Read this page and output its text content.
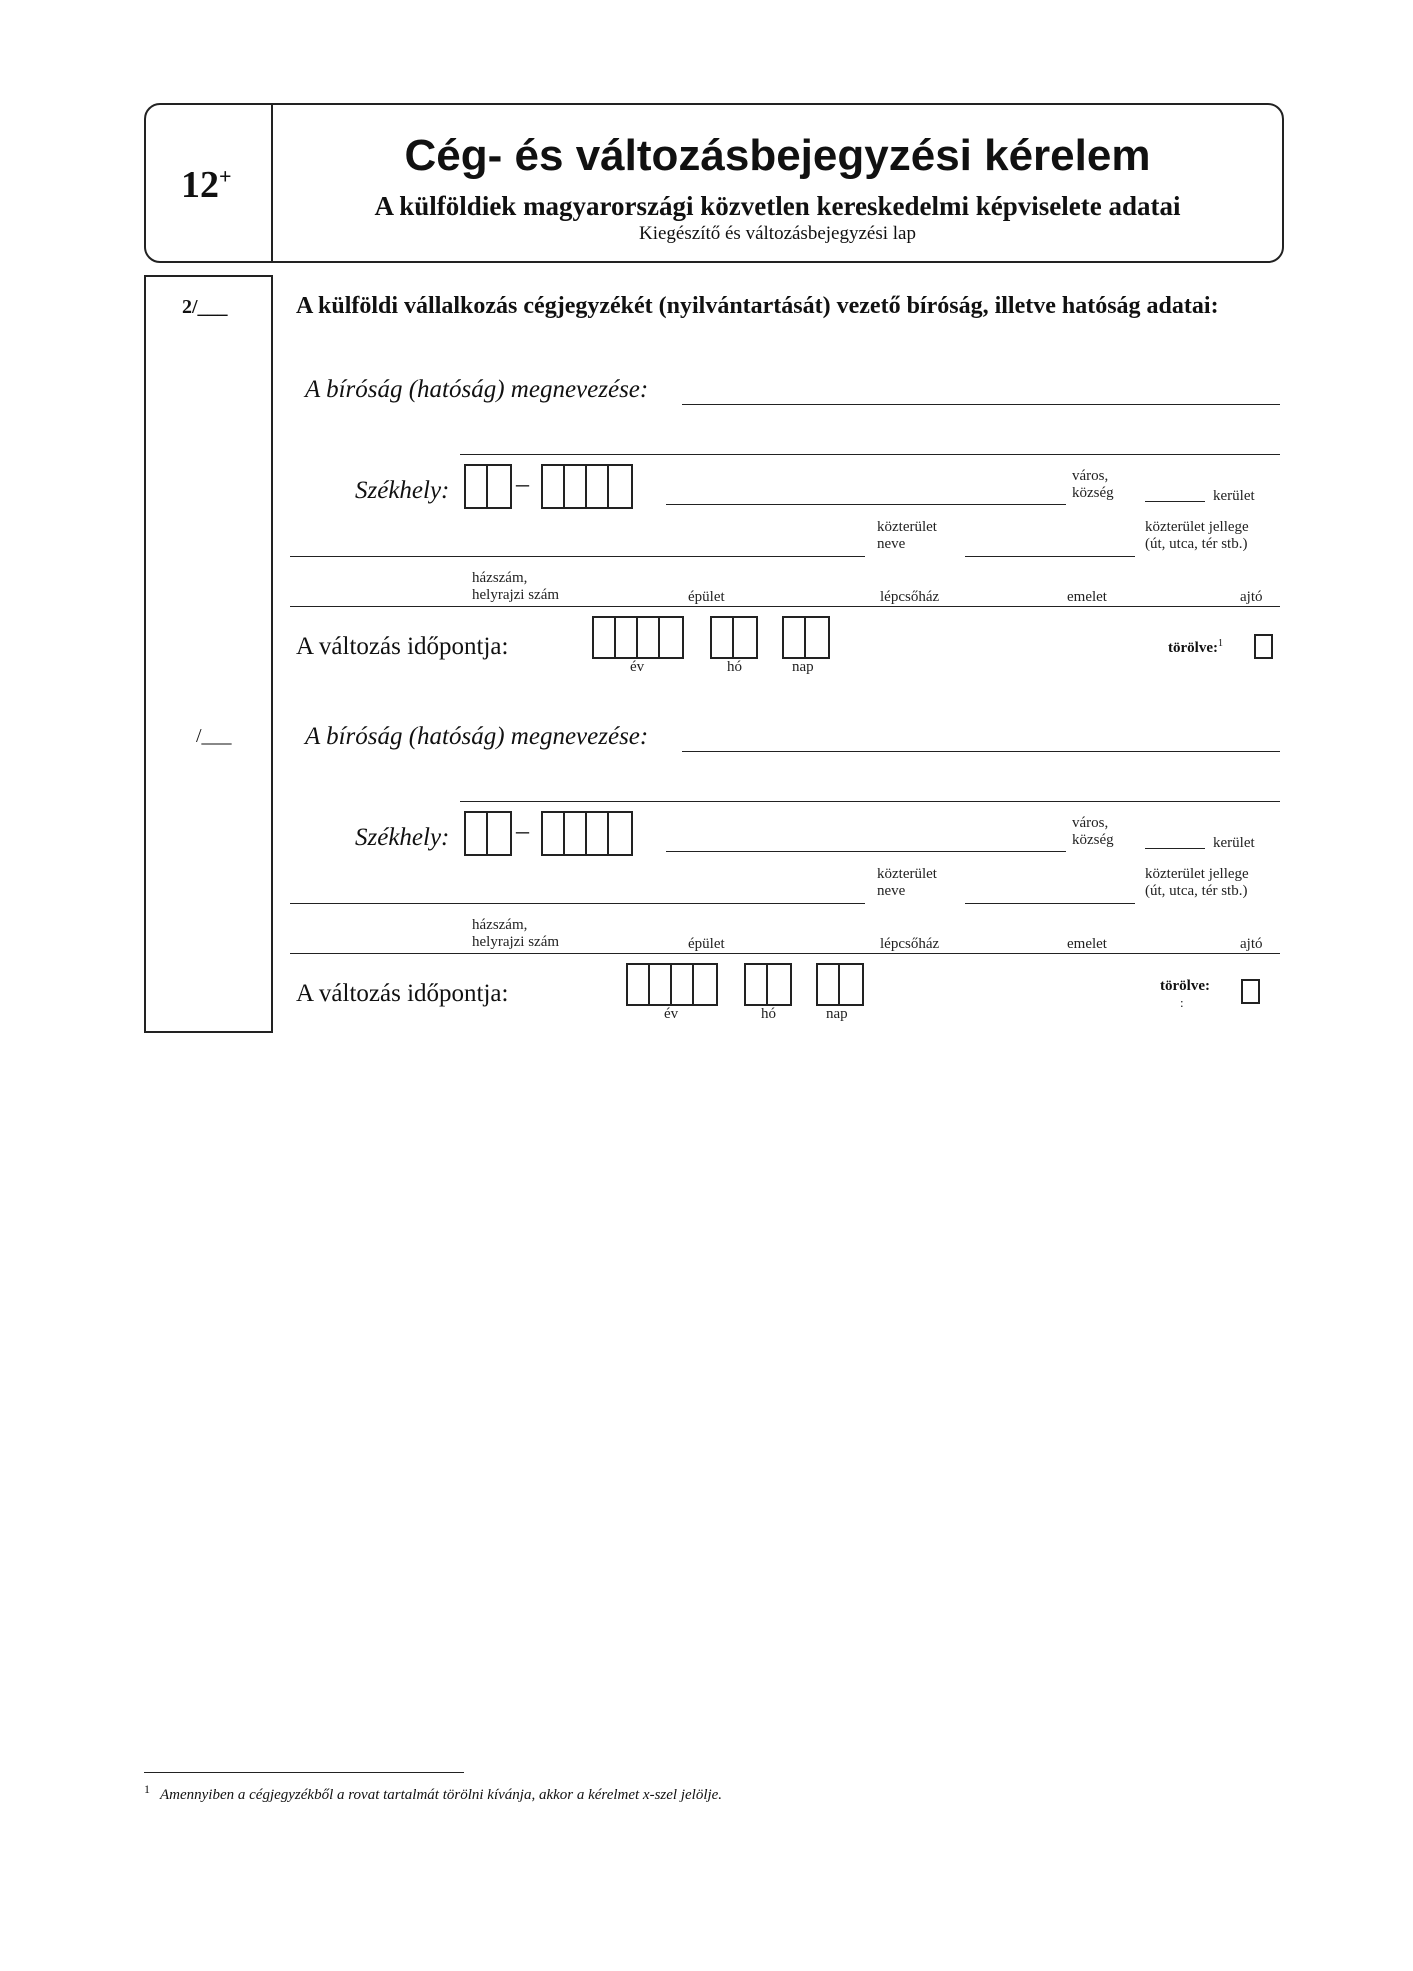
12+	Cég- és változásbejegyzési kérelem
A külföldiek magyarországi közvetlen kereskedelmi képviselete adatai
Kiegészítő és változásbejegyzési lap
A külföldi vállalkozás cégjegyzékét (nyilvántartását) vezető bíróság, illetve hatóság adatai:
2/___
A bíróság (hatóság) megnevezése:
Székhely:	–	város,
község	kerület
közterület
neve
közterület jellege
(út, utca, tér stb.)
házszám,
helyrajzi szám	épület	lépcsőház	emelet	ajtó
A változás időpontja:
év	hó	nap
törölve:$^1$
/___	A bíróság (hatóság) megnevezése:
Székhely:	–	város,
község	kerület
közterület
neve
közterület jellege
(út, utca, tér stb.)
házszám,
helyrajzi szám	épület	lépcsőház	emelet	ajtó
A változás időpontja:
év	hó	nap
törölve:
:
1 Amennyiben a cégjegyzékből a rovat tartalmát törölni kívánja, akkor a kérelmet x-szel jelölje.
